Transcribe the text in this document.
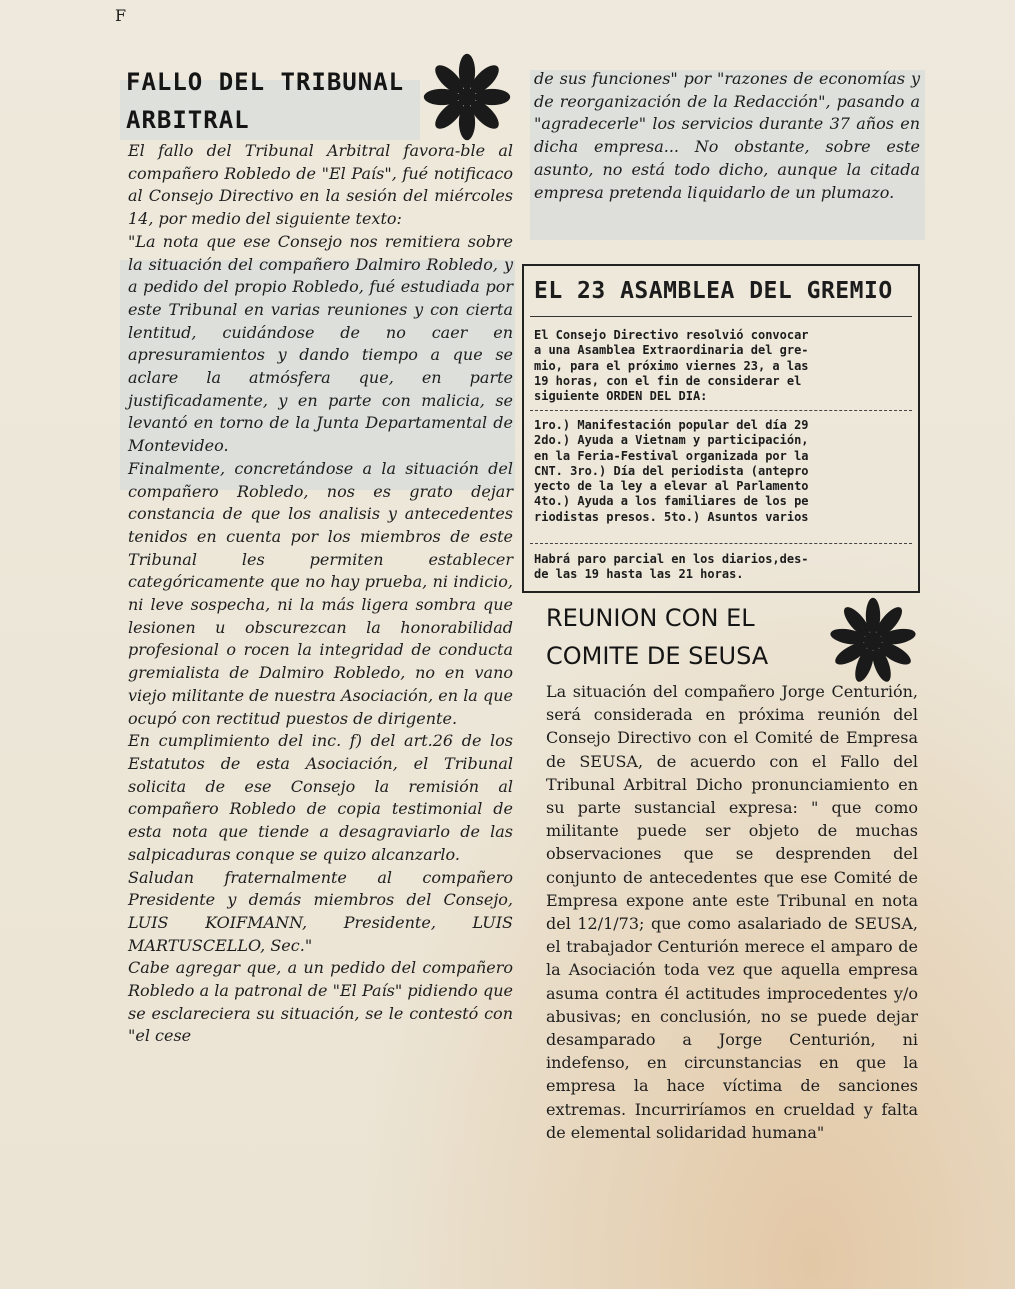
F
FALLO DEL TRIBUNAL
ARBITRAL

El fallo del Tribunal Arbitral favora-ble al compañero Robledo de "El País", fué notificaco al Consejo Directivo en la sesión del miércoles 14, por medio del siguiente texto:

"La nota que ese Consejo nos remitiera sobre la situación del compañero Dalmiro Robledo, y a pedido del propio Robledo, fué estudiada por este Tribunal en varias reuniones y con cierta lentitud, cuidándose de no caer en apresuramientos y dando tiempo a que se aclare la atmósfera que, en parte justificadamente, y en parte con malicia, se levantó en torno de la Junta Departamental de Montevideo.

Finalmente, concretándose a la situación del compañero Robledo, nos es grato dejar constancia de que los analisis y antecedentes tenidos en cuenta por los miembros de este Tribunal les permiten establecer categóricamente que no hay prueba, ni indicio, ni leve sospecha, ni la más ligera sombra que lesionen u obscurezcan la honorabilidad profesional o rocen la integridad de conducta gremialista de Dalmiro Robledo, no en vano viejo militante de nuestra Asociación, en la que ocupó con rectitud puestos de dirigente.

En cumplimiento del inc. f) del art.26 de los Estatutos de esta Asociación, el Tribunal solicita de ese Consejo la remisión al compañero Robledo de copia testimonial de esta nota que tiende a desagraviarlo de las salpicaduras conque se quizo alcanzarlo.

Saludan fraternalmente al compañero Presidente y demás miembros del Consejo, LUIS KOIFMANN, Presidente, LUIS MARTUSCELLO, Sec."

Cabe agregar que, a un pedido del compañero Robledo a la patronal de "El País" pidiendo que se esclareciera su situación, se le contestó con "el cese

de sus funciones" por "razones de economías y de reorganización de la Redacción", pasando a "agradecerle" los servicios durante 37 años en dicha empresa... No obstante, sobre este asunto, no está todo dicho, aunque la citada empresa pretenda liquidarlo de un plumazo.

EL 23 ASAMBLEA DEL GREMIO
El Consejo Directivo resolvió convocar
a una Asamblea Extraordinaria del gre-
mio, para el próximo viernes 23, a las
19 horas, con el fin de considerar el
siguiente ORDEN DEL DIA:
1ro.) Manifestación popular del día 29
2do.) Ayuda a Vietnam y participación,
en la Feria-Festival organizada por la
CNT. 3ro.) Día del periodista (antepro
yecto de la ley a elevar al Parlamento
4to.) Ayuda a los familiares de los pe
riodistas presos. 5to.) Asuntos varios
Habrá paro parcial en los diarios,des-
de las 19 hasta las 21 horas.
REUNION CON EL
COMITE DE SEUSA

La situación del compañero Jorge Centurión, será considerada en próxima reunión del Consejo Directivo con el Comité de Empresa de SEUSA, de acuerdo con el Fallo del Tribunal Arbitral Dicho pronunciamiento en su parte sustancial expresa: " que como militante puede ser objeto de muchas observaciones que se desprenden del conjunto de antecedentes que ese Comité de Empresa expone ante este Tribunal en nota del 12/1/73; que como asalariado de SEUSA, el trabajador Centurión merece el amparo de la Asociación toda vez que aquella empresa asuma contra él actitudes improcedentes y/o abusivas; en conclusión, no se puede dejar desamparado a Jorge Centurión, ni indefenso, en circunstancias en que la empresa la hace víctima de sanciones extremas. Incurriríamos en crueldad y falta de elemental solidaridad humana"
